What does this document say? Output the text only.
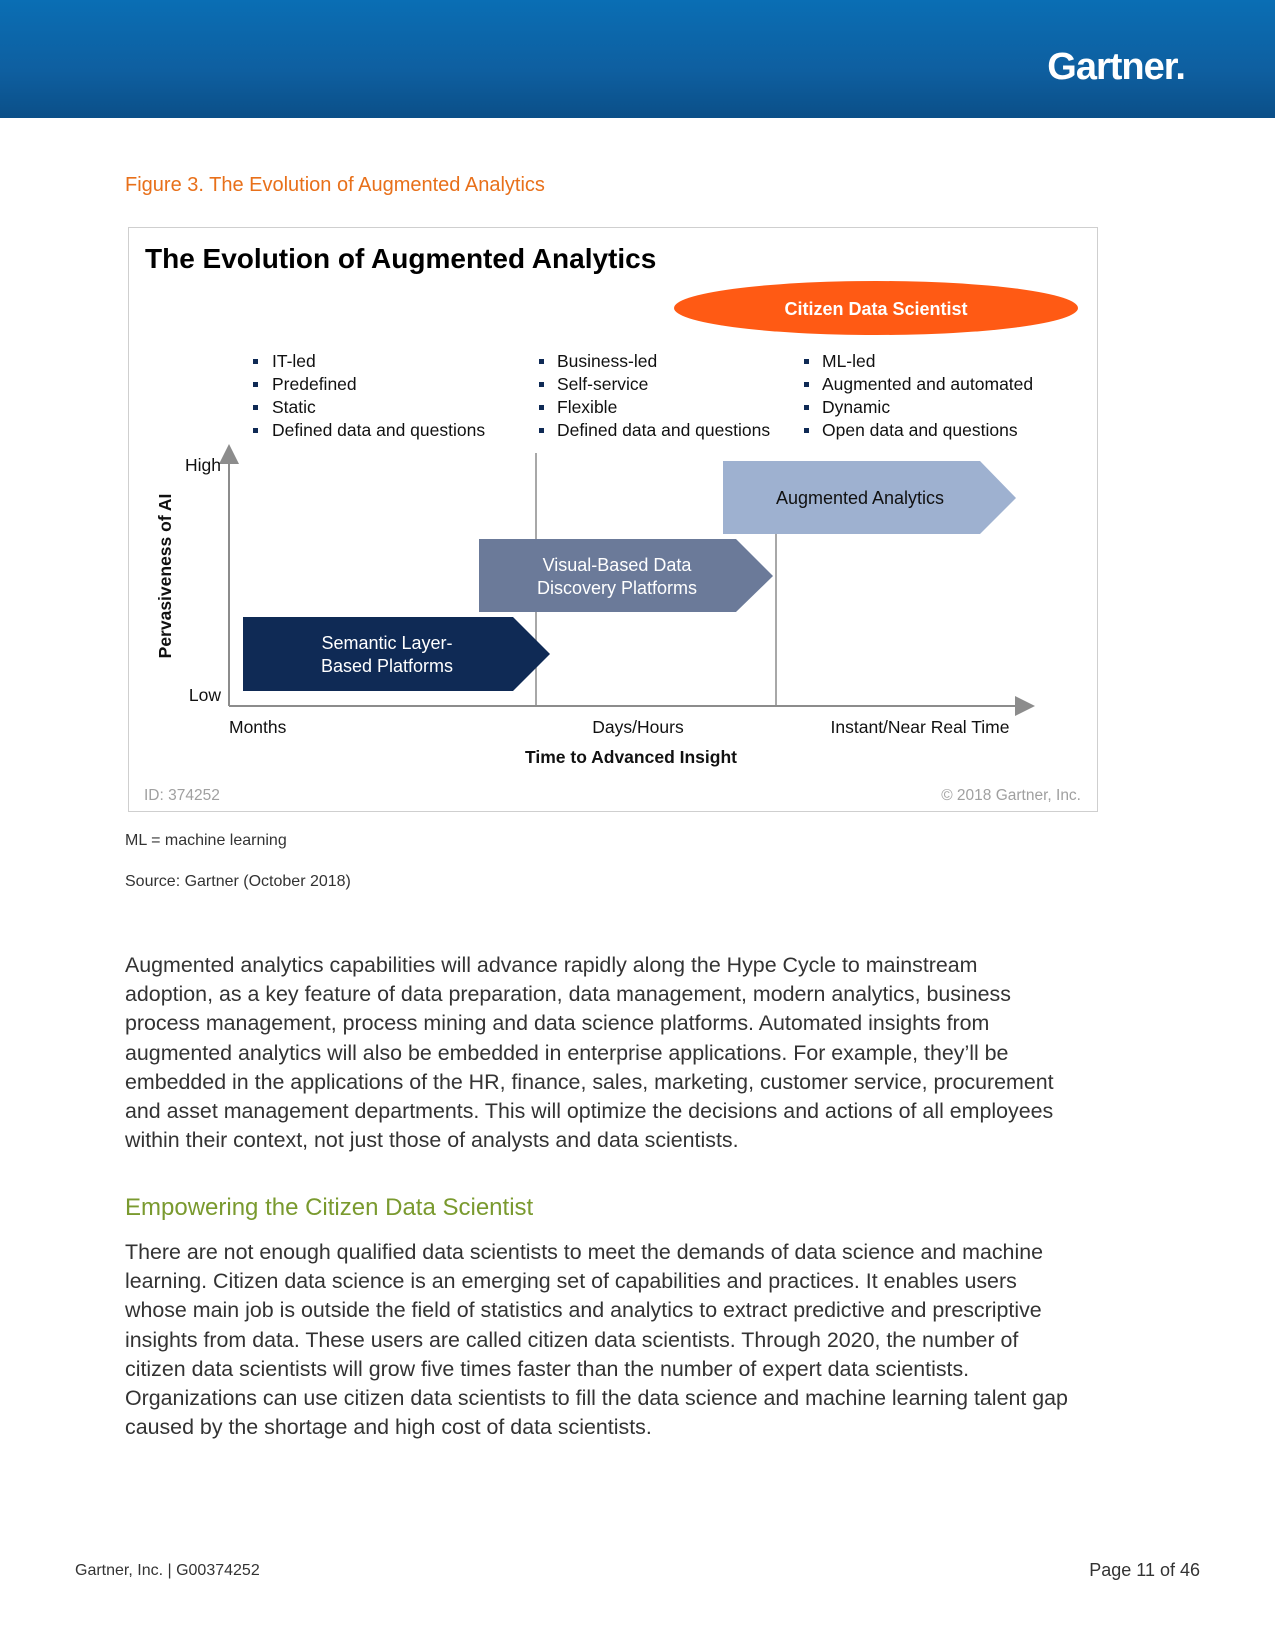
Gartner.
Figure 3. The Evolution of Augmented Analytics
The Evolution of Augmented Analytics
Citizen Data Scientist
IT-led
Predefined
Static
Defined data and questions
Business-led
Self-service
Flexible
Defined data and questions
ML-led
Augmented and automated
Dynamic
Open data and questions
High
Low
Pervasiveness of AI	Semantic Layer-
Based Platforms
Visual-Based Data
Discovery Platforms
Augmented Analytics
Months	Days/Hours	Instant/Near Real Time
Time to Advanced Insight
ID: 374252	© 2018 Gartner, Inc.
ML = machine learning
Source: Gartner (October 2018)
Augmented analytics capabilities will advance rapidly along the Hype Cycle to mainstream
adoption, as a key feature of data preparation, data management, modern analytics, business
process management, process mining and data science platforms. Automated insights from
augmented analytics will also be embedded in enterprise applications. For example, they’ll be
embedded in the applications of the HR, finance, sales, marketing, customer service, procurement
and asset management departments. This will optimize the decisions and actions of all employees
within their context, not just those of analysts and data scientists.
Empowering the Citizen Data Scientist
There are not enough qualified data scientists to meet the demands of data science and machine
learning. Citizen data science is an emerging set of capabilities and practices. It enables users
whose main job is outside the field of statistics and analytics to extract predictive and prescriptive
insights from data. These users are called citizen data scientists. Through 2020, the number of
citizen data scientists will grow five times faster than the number of expert data scientists.
Organizations can use citizen data scientists to fill the data science and machine learning talent gap
caused by the shortage and high cost of data scientists.
Gartner, Inc. | G00374252	Page 11 of 46
